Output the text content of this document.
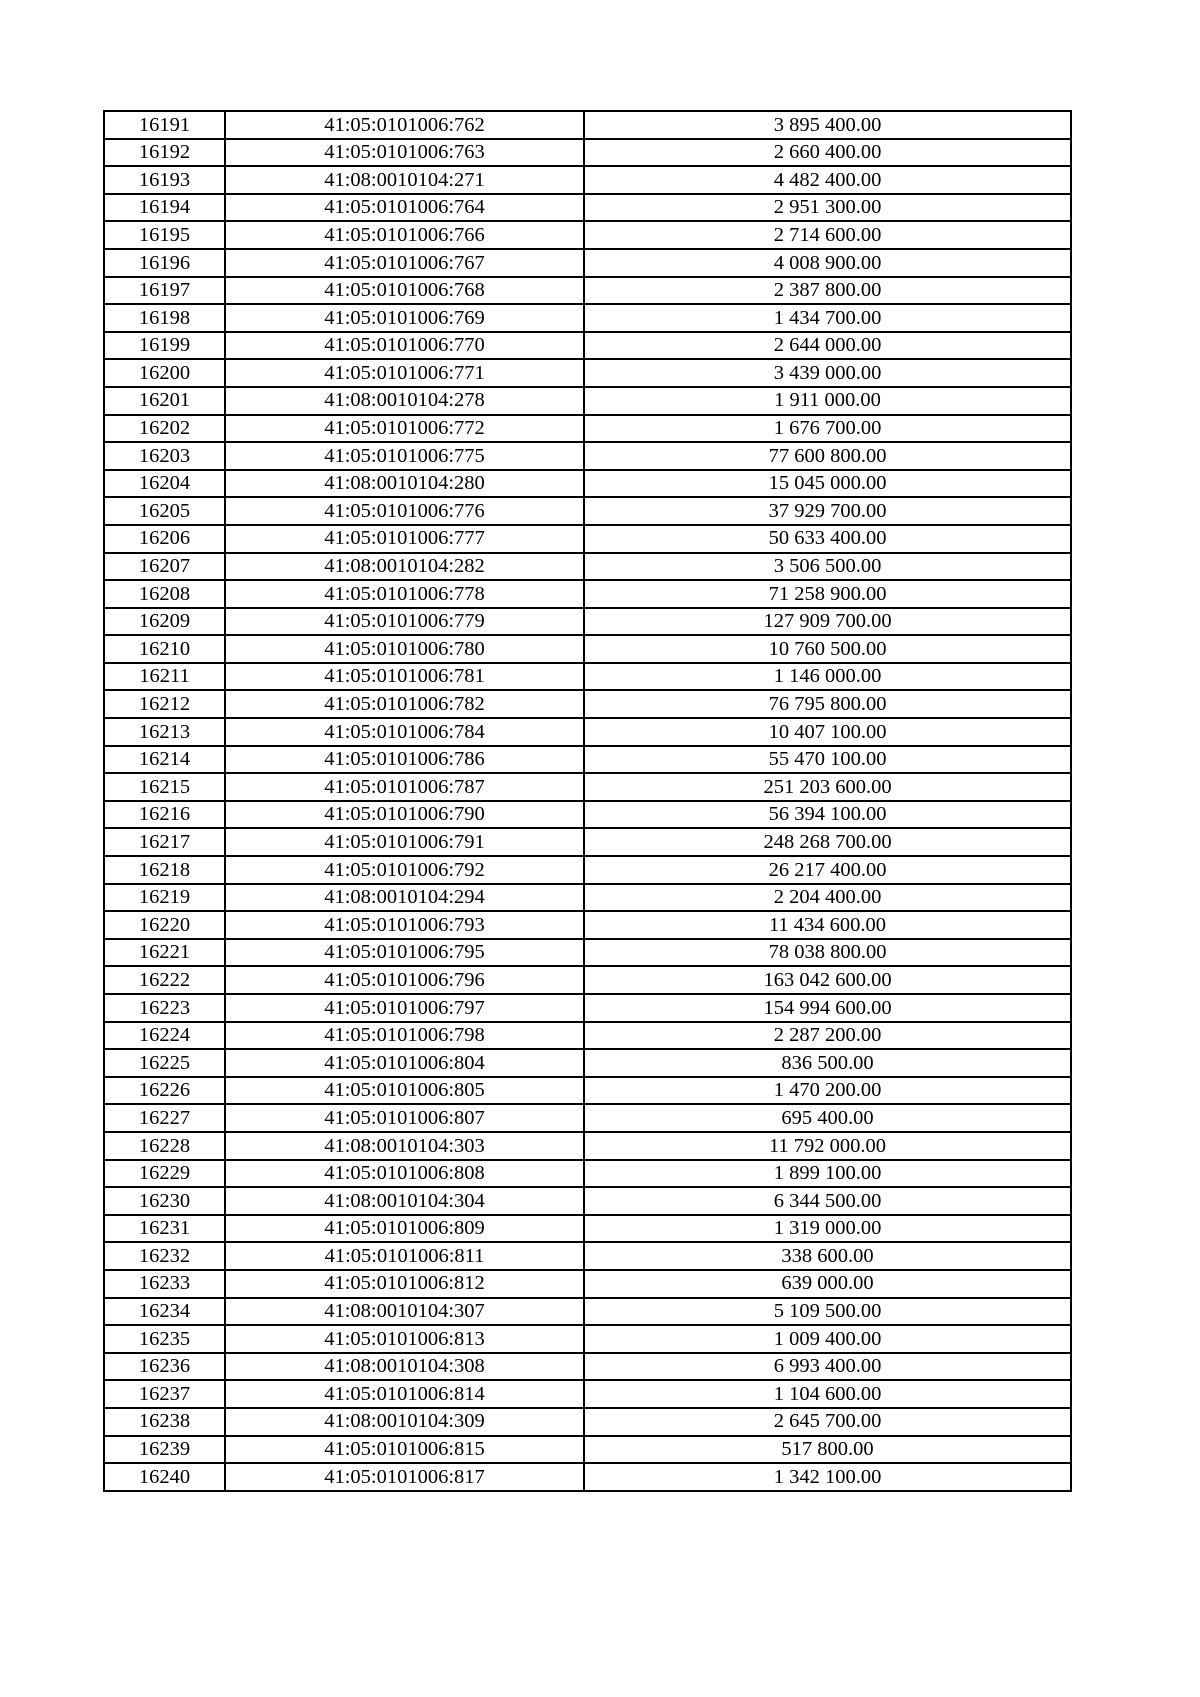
16191	41:05:0101006:762	3 895 400.00
16192	41:05:0101006:763	2 660 400.00
16193	41:08:0010104:271	4 482 400.00
16194	41:05:0101006:764	2 951 300.00
16195	41:05:0101006:766	2 714 600.00
16196	41:05:0101006:767	4 008 900.00
16197	41:05:0101006:768	2 387 800.00
16198	41:05:0101006:769	1 434 700.00
16199	41:05:0101006:770	2 644 000.00
16200	41:05:0101006:771	3 439 000.00
16201	41:08:0010104:278	1 911 000.00
16202	41:05:0101006:772	1 676 700.00
16203	41:05:0101006:775	77 600 800.00
16204	41:08:0010104:280	15 045 000.00
16205	41:05:0101006:776	37 929 700.00
16206	41:05:0101006:777	50 633 400.00
16207	41:08:0010104:282	3 506 500.00
16208	41:05:0101006:778	71 258 900.00
16209	41:05:0101006:779	127 909 700.00
16210	41:05:0101006:780	10 760 500.00
16211	41:05:0101006:781	1 146 000.00
16212	41:05:0101006:782	76 795 800.00
16213	41:05:0101006:784	10 407 100.00
16214	41:05:0101006:786	55 470 100.00
16215	41:05:0101006:787	251 203 600.00
16216	41:05:0101006:790	56 394 100.00
16217	41:05:0101006:791	248 268 700.00
16218	41:05:0101006:792	26 217 400.00
16219	41:08:0010104:294	2 204 400.00
16220	41:05:0101006:793	11 434 600.00
16221	41:05:0101006:795	78 038 800.00
16222	41:05:0101006:796	163 042 600.00
16223	41:05:0101006:797	154 994 600.00
16224	41:05:0101006:798	2 287 200.00
16225	41:05:0101006:804	836 500.00
16226	41:05:0101006:805	1 470 200.00
16227	41:05:0101006:807	695 400.00
16228	41:08:0010104:303	11 792 000.00
16229	41:05:0101006:808	1 899 100.00
16230	41:08:0010104:304	6 344 500.00
16231	41:05:0101006:809	1 319 000.00
16232	41:05:0101006:811	338 600.00
16233	41:05:0101006:812	639 000.00
16234	41:08:0010104:307	5 109 500.00
16235	41:05:0101006:813	1 009 400.00
16236	41:08:0010104:308	6 993 400.00
16237	41:05:0101006:814	1 104 600.00
16238	41:08:0010104:309	2 645 700.00
16239	41:05:0101006:815	517 800.00
16240	41:05:0101006:817	1 342 100.00
